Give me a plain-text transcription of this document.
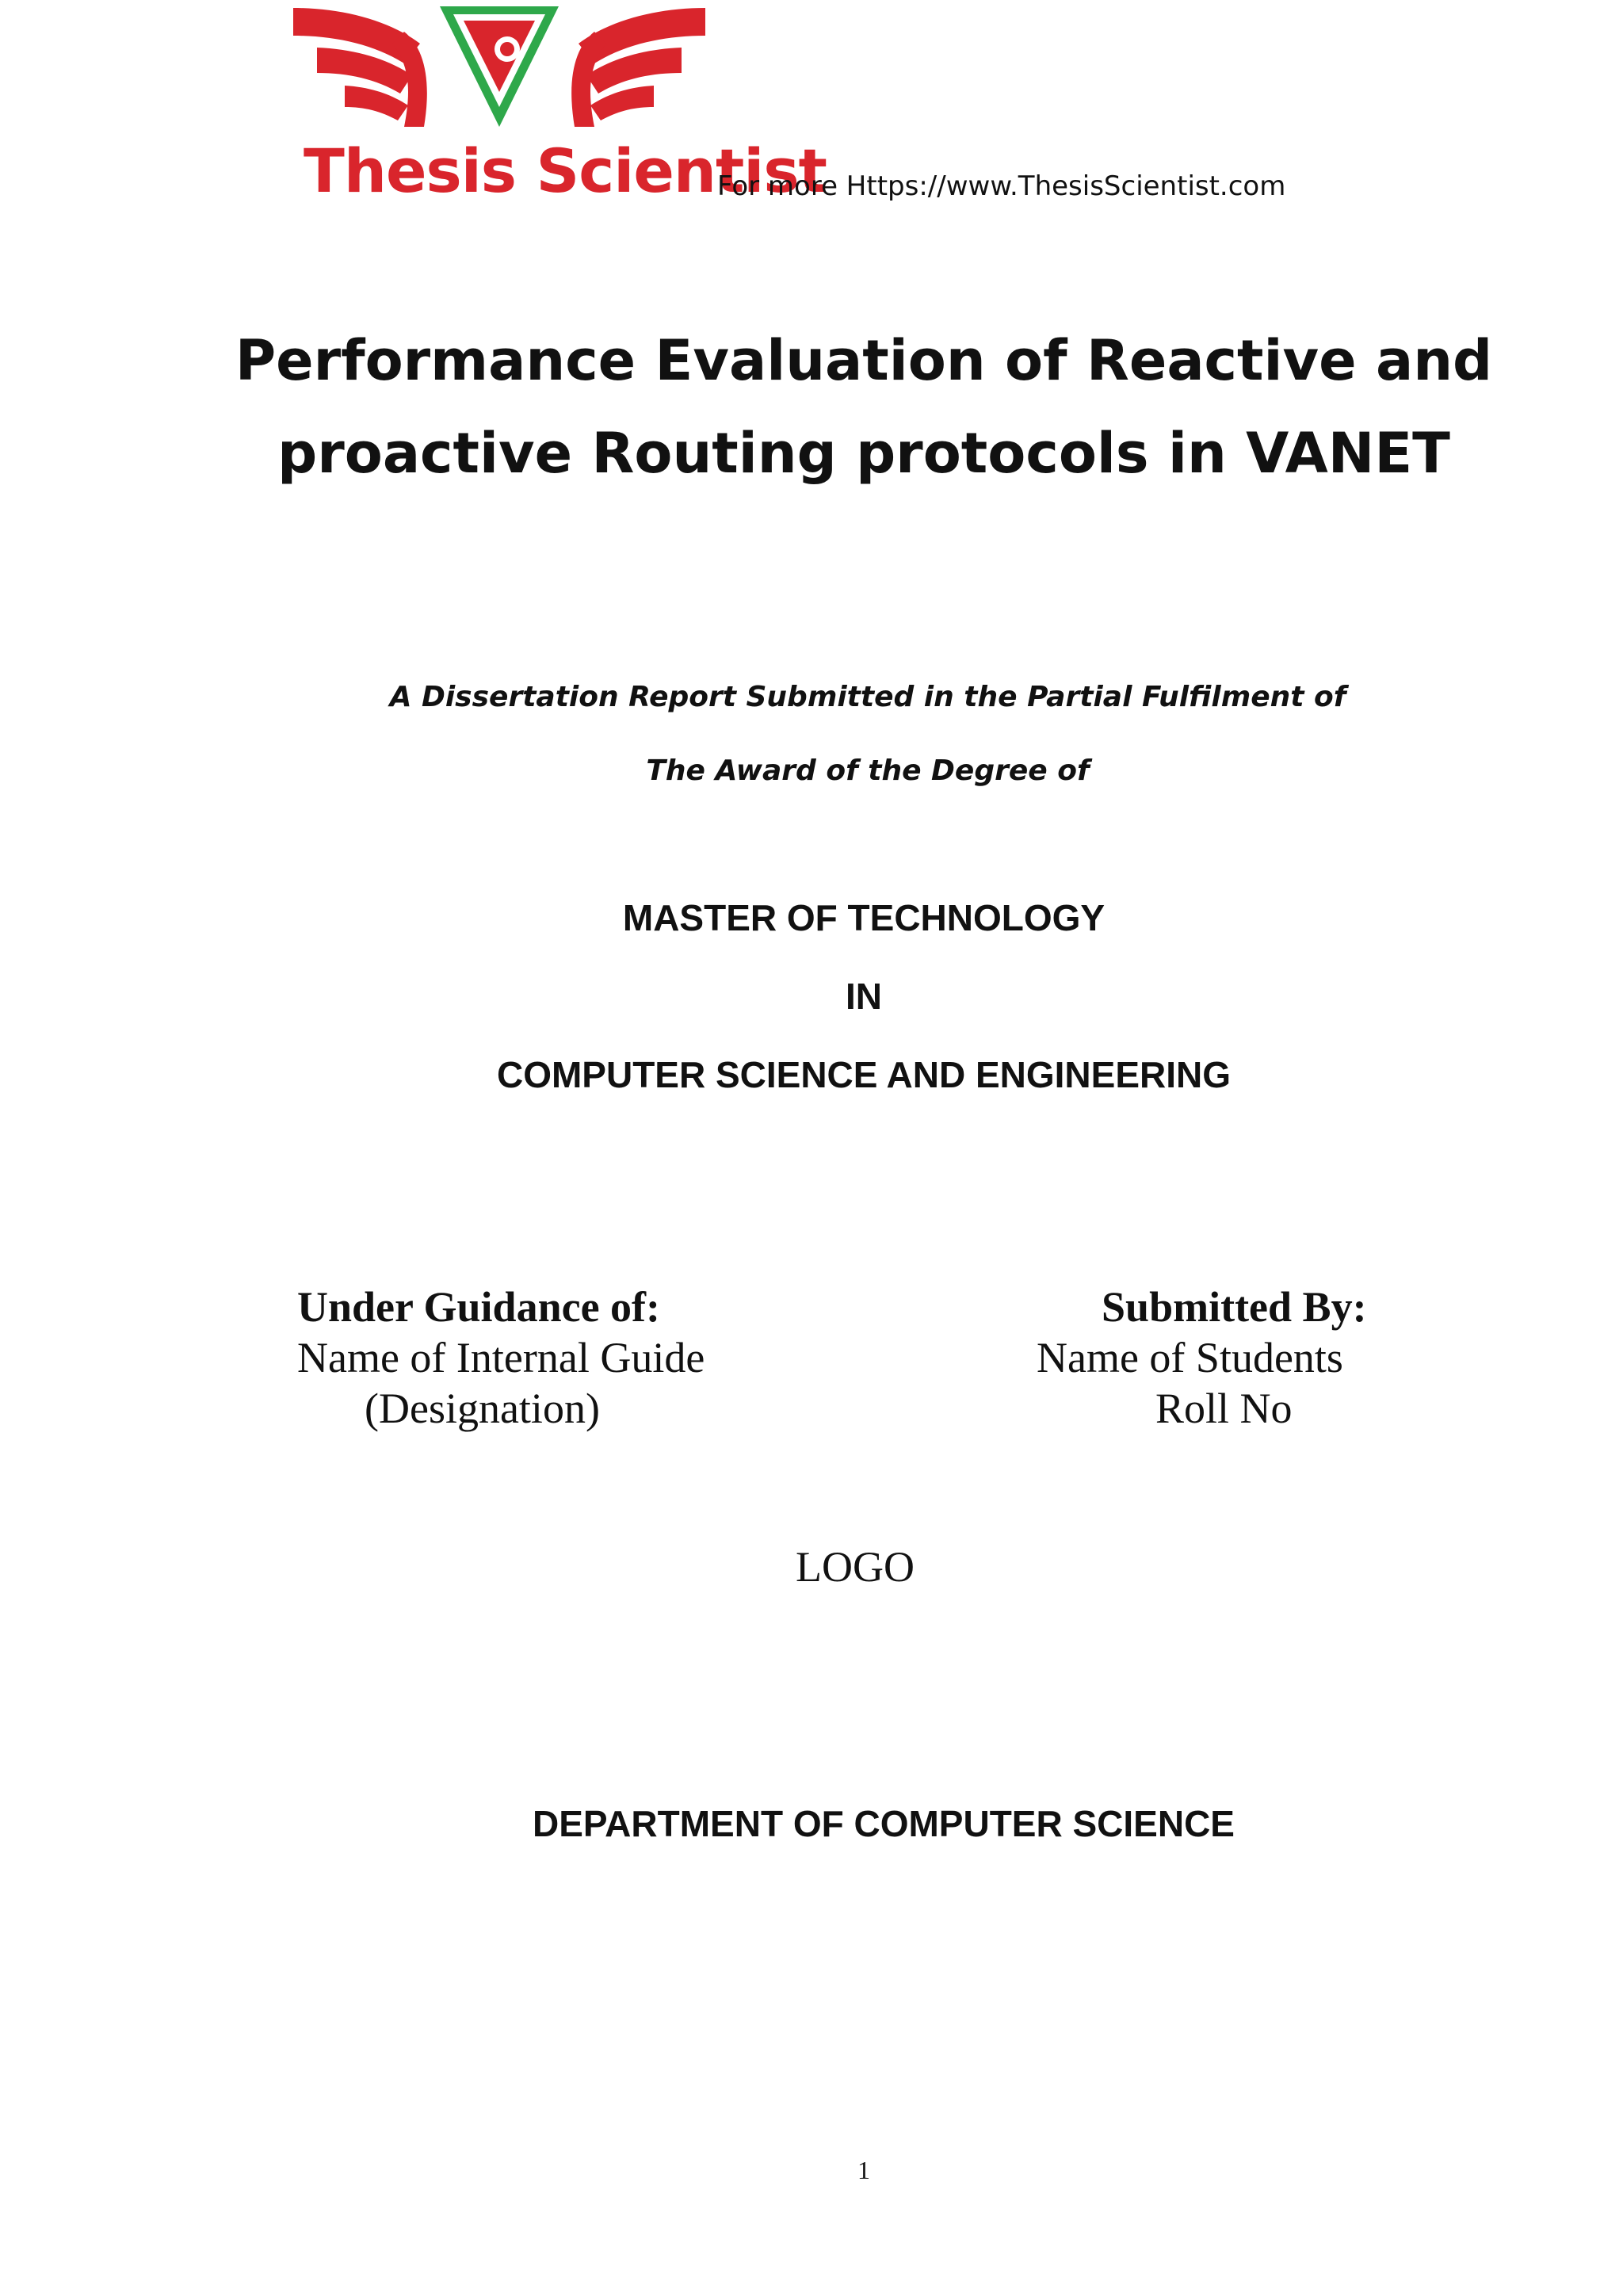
Thesis Scientist
For more Https://www.ThesisScientist.com
Performance Evaluation of Reactive and
proactive Routing protocols in VANET
A Dissertation Report Submitted in the Partial Fulfilment of
The Award of the Degree of
MASTER OF TECHNOLOGY
IN
COMPUTER SCIENCE AND ENGINEERING
Under Guidance of:
Name of Internal Guide
(Designation)
Submitted By:
Name of Students
Roll No
LOGO
DEPARTMENT OF COMPUTER SCIENCE
1
